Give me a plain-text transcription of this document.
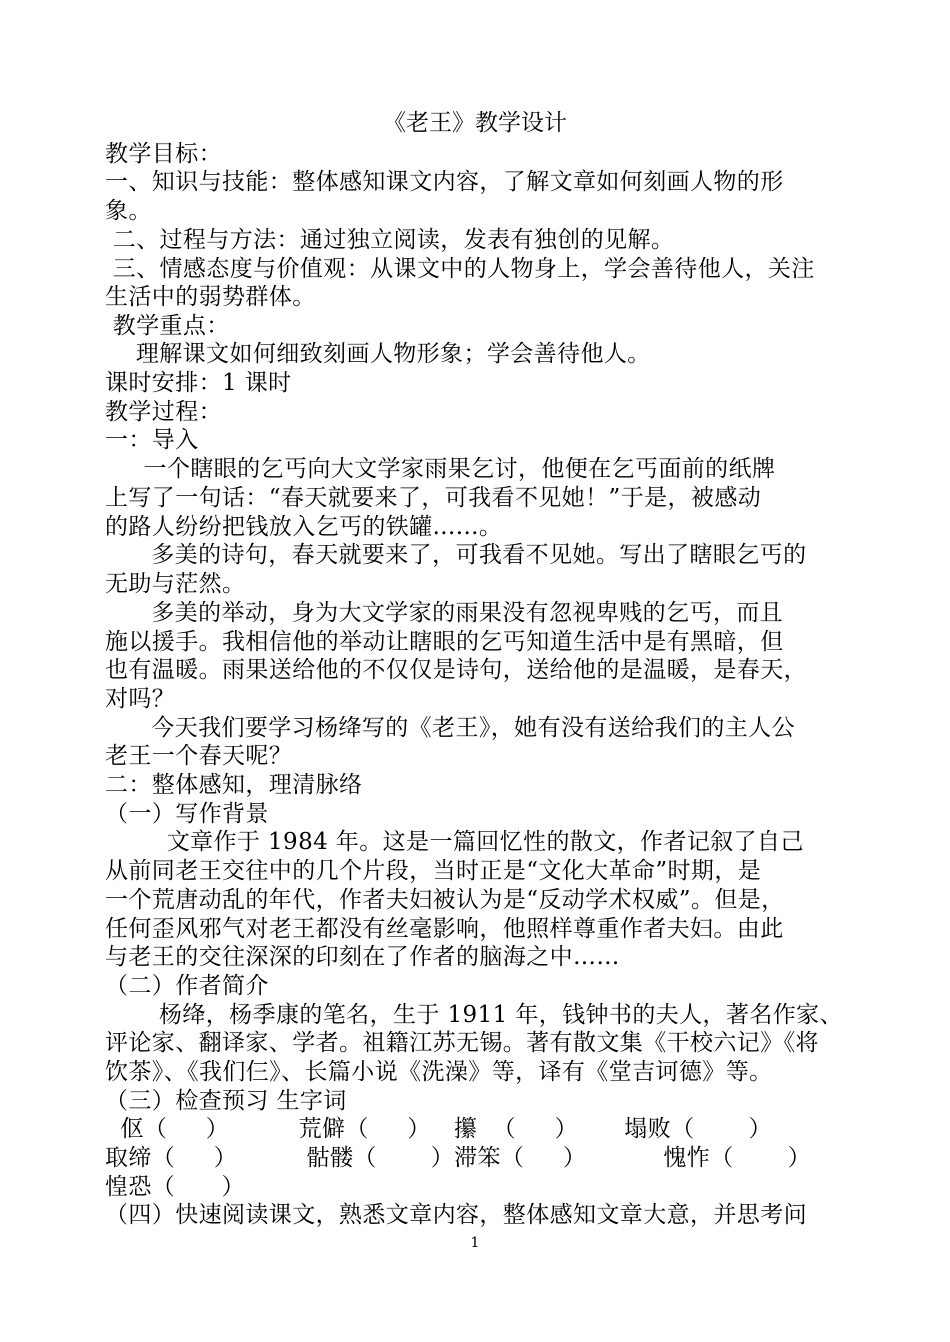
《老王》教学设计
教学目标：
一、知识与技能：整体感知课文内容，了解文章如何刻画人物的形
象。
二、过程与方法：通过独立阅读，发表有独创的见解。
三、情感态度与价值观：从课文中的人物身上，学会善待他人，关注
生活中的弱势群体。
教学重点：
理解课文如何细致刻画人物形象；学会善待他人。
课时安排：1 课时
教学过程：
一：导入
一个瞎眼的乞丐向大文学家雨果乞讨，他便在乞丐面前的纸牌
上写了一句话：“春天就要来了，可我看不见她！”于是，被感动
的路人纷纷把钱放入乞丐的铁罐......。
多美的诗句，春天就要来了，可我看不见她。写出了瞎眼乞丐的
无助与茫然。
多美的举动，身为大文学家的雨果没有忽视卑贱的乞丐，而且
施以援手。我相信他的举动让瞎眼的乞丐知道生活中是有黑暗，但
也有温暖。雨果送给他的不仅仅是诗句，送给他的是温暖，是春天，
对吗？
今天我们要学习杨绛写的《老王》，她有没有送给我们的主人公
老王一个春天呢？
二：整体感知，理清脉络
（一）写作背景
文章作于 1984 年。这是一篇回忆性的散文，作者记叙了自己
从前同老王交往中的几个片段，当时正是“文化大革命”时期，是
一个荒唐动乱的年代，作者夫妇被认为是“反动学术权威”。但是，
任何歪风邪气对老王都没有丝毫影响，他照样尊重作者夫妇。由此
与老王的交往深深的印刻在了作者的脑海之中……
（二）作者简介
杨绛，杨季康的笔名，生于 1911 年，钱钟书的夫人，著名作家、
评论家、翻译家、学者。祖籍江苏无锡。著有散文集《干校六记》《将
饮茶》、《我们仨》、长篇小说《洗澡》等，译有《堂吉诃德》等。
（三）检查预习 生字词
伛（     ）         荒僻（     ）   攥  （     ）      塌败（       ）
取缔（     ）         骷髅（       ）滞笨（     ）          愧怍（       ）
惶恐（      ）
（四）快速阅读课文，熟悉文章内容，整体感知文章大意，并思考问
1
